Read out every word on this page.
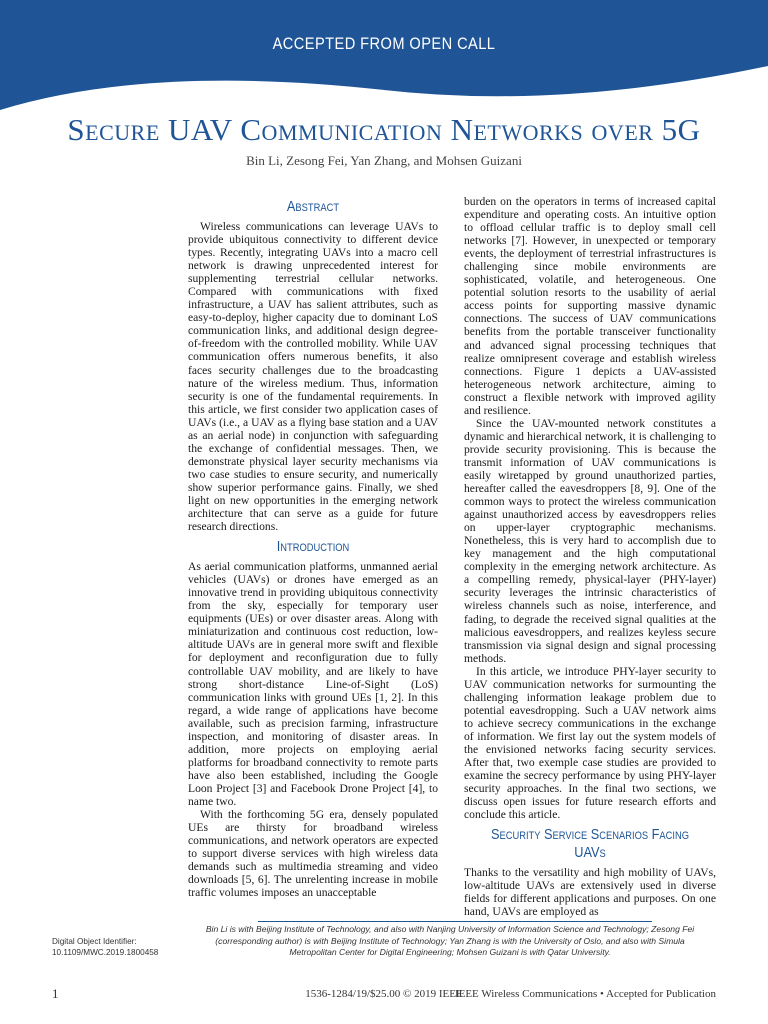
ACCEPTED FROM OPEN CALL
Secure UAV Communication Networks over 5G
Bin Li, Zesong Fei, Yan Zhang, and Mohsen Guizani
Abstract

Wireless communications can leverage UAVs to provide ubiquitous connectivity to different device types. Recently, integrating UAVs into a macro cell network is drawing unprecedented interest for supplementing terrestrial cellular networks. Compared with communications with fixed infrastructure, a UAV has salient attributes, such as easy-to-deploy, higher capacity due to dominant LoS communication links, and additional design degree-of-freedom with the controlled mobility. While UAV communication offers numerous benefits, it also faces security challenges due to the broadcasting nature of the wireless medium. Thus, information security is one of the fundamental requirements. In this article, we first consider two application cases of UAVs (i.e., a UAV as a flying base station and a UAV as an aerial node) in conjunction with safeguarding the exchange of confidential messages. Then, we demonstrate physical layer security mechanisms via two case studies to ensure security, and numerically show superior performance gains. Finally, we shed light on new opportunities in the emerging network architecture that can serve as a guide for future research directions.

Introduction

As aerial communication platforms, unmanned aerial vehicles (UAVs) or drones have emerged as an innovative trend in providing ubiquitous connectivity from the sky, especially for temporary user equipments (UEs) or over disaster areas. Along with miniaturization and continuous cost reduction, low-altitude UAVs are in general more swift and flexible for deployment and reconfiguration due to fully controllable UAV mobility, and are likely to have strong short-distance Line-of-Sight (LoS) communication links with ground UEs [1, 2]. In this regard, a wide range of applications have become available, such as precision farming, infrastructure inspection, and monitoring of disaster areas. In addition, more projects on employing aerial platforms for broadband connectivity to remote parts have also been established, including the Google Loon Project [3] and Facebook Drone Project [4], to name two.

With the forthcoming 5G era, densely populated UEs are thirsty for broadband wireless communications, and network operators are expected to support diverse services with high wireless data demands such as multimedia streaming and video downloads [5, 6]. The unrelenting increase in mobile traffic volumes imposes an unacceptable

burden on the operators in terms of increased capital expenditure and operating costs. An intuitive option to offload cellular traffic is to deploy small cell networks [7]. However, in unexpected or temporary events, the deployment of terrestrial infrastructures is challenging since mobile environments are sophisticated, volatile, and heterogeneous. One potential solution resorts to the usability of aerial access points for supporting massive dynamic connections. The success of UAV communications benefits from the portable transceiver functionality and advanced signal processing techniques that realize omnipresent coverage and establish wireless connections. Figure 1 depicts a UAV-assisted heterogeneous network architecture, aiming to construct a flexible network with improved agility and resilience.

Since the UAV-mounted network constitutes a dynamic and hierarchical network, it is challenging to provide security provisioning. This is because the transmit information of UAV communications is easily wiretapped by ground unauthorized parties, hereafter called the eavesdroppers [8, 9]. One of the common ways to protect the wireless communication against unauthorized access by eavesdroppers relies on upper-layer cryptographic mechanisms. Nonetheless, this is very hard to accomplish due to key management and the high computational complexity in the emerging network architecture. As a compelling remedy, physical-layer (PHY-layer) security leverages the intrinsic characteristics of wireless channels such as noise, interference, and fading, to degrade the received signal qualities at the malicious eavesdroppers, and realizes keyless secure transmission via signal design and signal processing methods.

In this article, we introduce PHY-layer security to UAV communication networks for surmounting the challenging information leakage problem due to potential eavesdropping. Such a UAV network aims to achieve secrecy communications in the exchange of information. We first lay out the system models of the envisioned networks facing security services. After that, two exemple case studies are provided to examine the secrecy performance by using PHY-layer security approaches. In the final two sections, we discuss open issues for future research efforts and conclude this article.

Security Service Scenarios Facing UAVs

Thanks to the versatility and high mobility of UAVs, low-altitude UAVs are extensively used in diverse fields for different applications and purposes. On one hand, UAVs are employed as

Bin Li is with Beijing Institute of Technology, and also with Nanjing University of Information Science and Technology; Zesong Fei (corresponding author) is with Beijing Institute of Technology; Yan Zhang is with the University of Oslo, and also with Simula Metropolitan Center for Digital Engineering; Mohsen Guizani is with Qatar University.
Digital Object Identifier:
10.1109/MWC.2019.1800458
1	1536-1284/19/$25.00 © 2019 IEEE
IEEE Wireless Communications • Accepted for Publication
